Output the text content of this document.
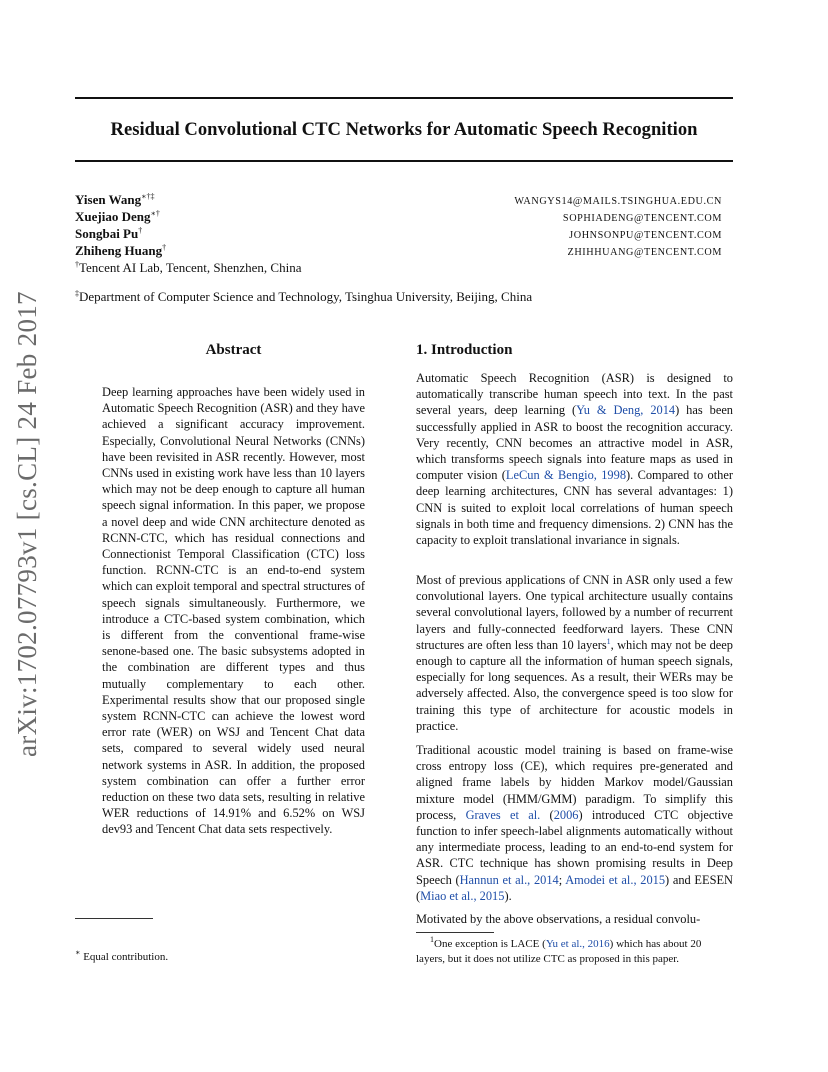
Residual Convolutional CTC Networks for Automatic Speech Recognition
Yisen Wang∗†‡
Xuejiao Deng∗†
Songbai Pu†
Zhiheng Huang†
†Tencent AI Lab, Tencent, Shenzhen, China
WANGYS14@MAILS.TSINGHUA.EDU.CN
SOPHIADENG@TENCENT.COM
JOHNSONPU@TENCENT.COM
ZHIHHUANG@TENCENT.COM
‡Department of Computer Science and Technology, Tsinghua University, Beijing, China
arXiv:1702.07793v1 [cs.CL] 24 Feb 2017	Abstract
Deep learning approaches have been widely used in Automatic Speech Recognition (ASR) and they have achieved a significant accuracy improvement. Especially, Convolutional Neural Networks (CNNs) have been revisited in ASR recently. However, most CNNs used in existing work have less than 10 layers which may not be deep enough to capture all human speech signal information. In this paper, we propose a novel deep and wide CNN architecture denoted as RCNN-CTC, which has residual connections and Connectionist Temporal Classification (CTC) loss function. RCNN-CTC is an end-to-end system which can exploit temporal and spectral structures of speech signals simultaneously. Furthermore, we introduce a CTC-based system combination, which is different from the conventional frame-wise senone-based one. The basic subsystems adopted in the combination are different types and thus mutually complementary to each other. Experimental results show that our proposed single system RCNN-CTC can achieve the lowest word error rate (WER) on WSJ and Tencent Chat data sets, compared to several widely used neural network systems in ASR. In addition, the proposed system combination can offer a further error reduction on these two data sets, resulting in relative WER reductions of 14.91% and 6.52% on WSJ dev93 and Tencent Chat data sets respectively.
1. Introduction
Automatic Speech Recognition (ASR) is designed to automatically transcribe human speech into text. In the past several years, deep learning (Yu & Deng, 2014) has been successfully applied in ASR to boost the recognition accuracy. Very recently, CNN becomes an attractive model in ASR, which transforms speech signals into feature maps as used in computer vision (LeCun & Bengio, 1998). Compared to other deep learning architectures, CNN has several advantages: 1) CNN is suited to exploit local correlations of human speech signals in both time and frequency dimensions. 2) CNN has the capacity to exploit translational invariance in signals.
Most of previous applications of CNN in ASR only used a few convolutional layers. One typical architecture usually contains several convolutional layers, followed by a number of recurrent layers and fully-connected feedforward layers. These CNN structures are often less than 10 layers$^1$, which may not be deep enough to capture all the information of human speech signals, especially for long sequences. As a result, their WERs may be adversely affected. Also, the convergence speed is too slow for training this type of architecture for acoustic models in practice.
Traditional acoustic model training is based on frame-wise cross entropy loss (CE), which requires pre-generated and aligned frame labels by hidden Markov model/Gaussian mixture model (HMM/GMM) paradigm. To simplify this process, Graves et al. (2006) introduced CTC objective function to infer speech-label alignments automatically without any intermediate process, leading to an end-to-end system for ASR. CTC technique has shown promising results in Deep Speech (Hannun et al., 2014; Amodei et al., 2015) and EESEN (Miao et al., 2015).
Motivated by the above observations, a residual convolu-
∗ Equal contribution.
$^1$One exception is LACE (Yu et al., 2016) which has about 20 layers, but it does not utilize CTC as proposed in this paper.
